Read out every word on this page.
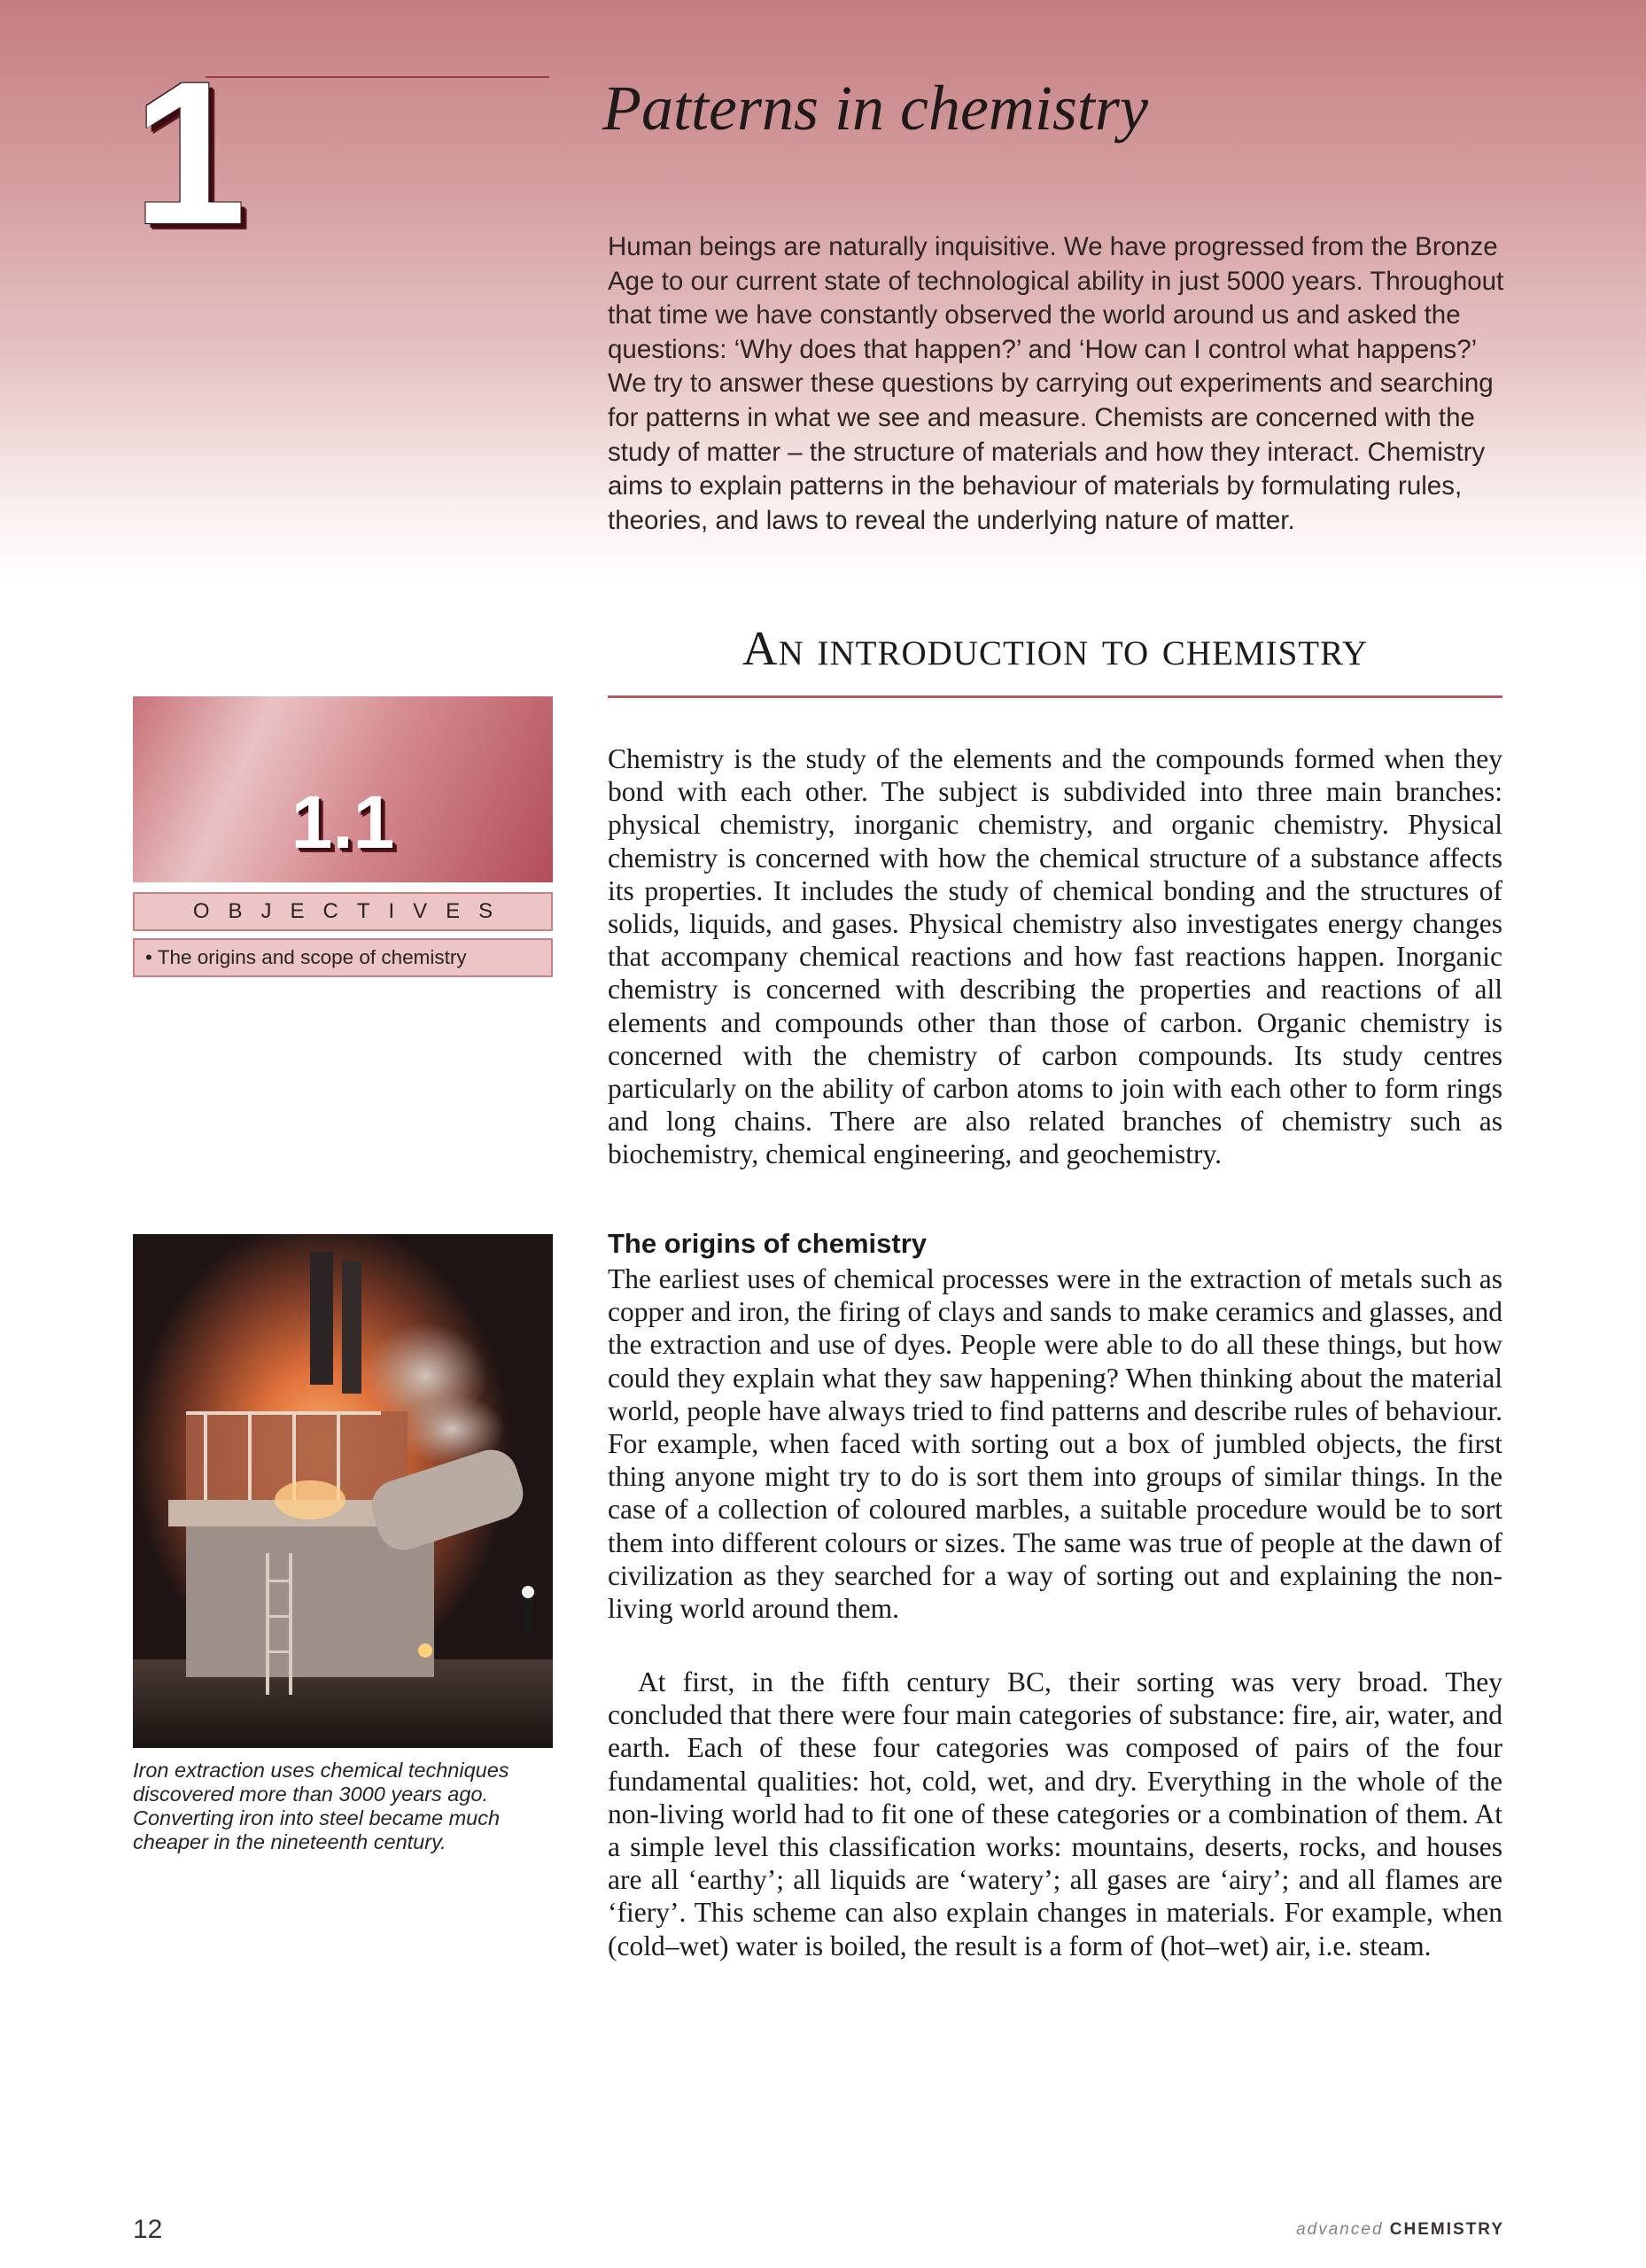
1	Patterns in chemistry

Human beings are naturally inquisitive. We have progressed from the Bronze Age to our current state of technological ability in just 5000 years. Throughout that time we have constantly observed the world around us and asked the questions: ‘Why does that happen?’ and ‘How can I control what happens?’ We try to answer these questions by carrying out experiments and searching for patterns in what we see and measure. Chemists are concerned with the study of matter – the structure of materials and how they interact. Chemistry aims to explain patterns in the behaviour of materials by formulating rules, theories, and laws to reveal the underlying nature of matter.

An introduction to chemistry
1.1
OBJECTIVES
• The origins and scope of chemistry

Chemistry is the study of the elements and the compounds formed when they bond with each other. The subject is subdivided into three main branches: physical chemistry, inorganic chemistry, and organic chemistry. Physical chemistry is concerned with how the chemical structure of a substance affects its properties. It includes the study of chemical bonding and the structures of solids, liquids, and gases. Physical chemistry also investigates energy changes that accompany chemical reactions and how fast reactions happen. Inorganic chemistry is concerned with describing the properties and reactions of all elements and compounds other than those of carbon. Organic chemistry is concerned with the chemistry of carbon compounds. Its study centres particularly on the ability of carbon atoms to join with each other to form rings and long chains. There are also related branches of chemistry such as biochemistry, chemical engineering, and geochemistry.

The origins of chemistry

The earliest uses of chemical processes were in the extraction of metals such as copper and iron, the firing of clays and sands to make ceramics and glasses, and the extraction and use of dyes. People were able to do all these things, but how could they explain what they saw happening? When thinking about the material world, people have always tried to find patterns and describe rules of behaviour. For example, when faced with sorting out a box of jumbled objects, the first thing anyone might try to do is sort them into groups of similar things. In the case of a collection of coloured marbles, a suitable procedure would be to sort them into different colours or sizes. The same was true of people at the dawn of civilization as they searched for a way of sorting out and explaining the non-living world around them.

At first, in the fifth century BC, their sorting was very broad. They concluded that there were four main categories of substance: fire, air, water, and earth. Each of these four categories was composed of pairs of the four fundamental qualities: hot, cold, wet, and dry. Everything in the whole of the non-living world had to fit one of these categories or a combination of them. At a simple level this classification works: mountains, deserts, rocks, and houses are all ‘earthy’; all liquids are ‘watery’; all gases are ‘airy’; and all flames are ‘fiery’. This scheme can also explain changes in materials. For example, when (cold–wet) water is boiled, the result is a form of (hot–wet) air, i.e. steam.

Iron extraction uses chemical techniques discovered more than 3000 years ago. Converting iron into steel became much cheaper in the nineteenth century.

12	advanced CHEMISTRY
